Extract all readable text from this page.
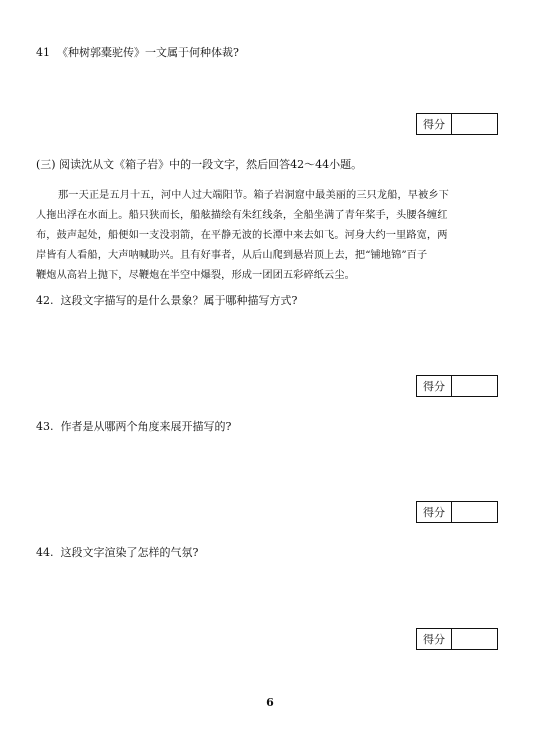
41 《种树郭橐驼传》一文属于何种体裁?
得分
(三) 阅读沈从文《箱子岩》中的一段文字，然后回答42～44小题。
那一天正是五月十五，河中人过大端阳节。箱子岩洞窟中最美丽的三只龙船，早被乡下
人拖出浮在水面上。船只狭而长，船舷描绘有朱红线条，全船坐满了青年桨手，头腰各缠红
布，鼓声起处，船便如一支没羽箭，在平静无波的长潭中来去如飞。河身大约一里路宽，两
岸皆有人看船，大声呐喊助兴。且有好事者，从后山爬到悬岩顶上去，把“铺地锦”百子
鞭炮从高岩上抛下，尽鞭炮在半空中爆裂，形成一团团五彩碎纸云尘。
42. 这段文字描写的是什么景象？属于哪种描写方式?
得分
43. 作者是从哪两个角度来展开描写的?
得分
44. 这段文字渲染了怎样的气氛?
得分
6
